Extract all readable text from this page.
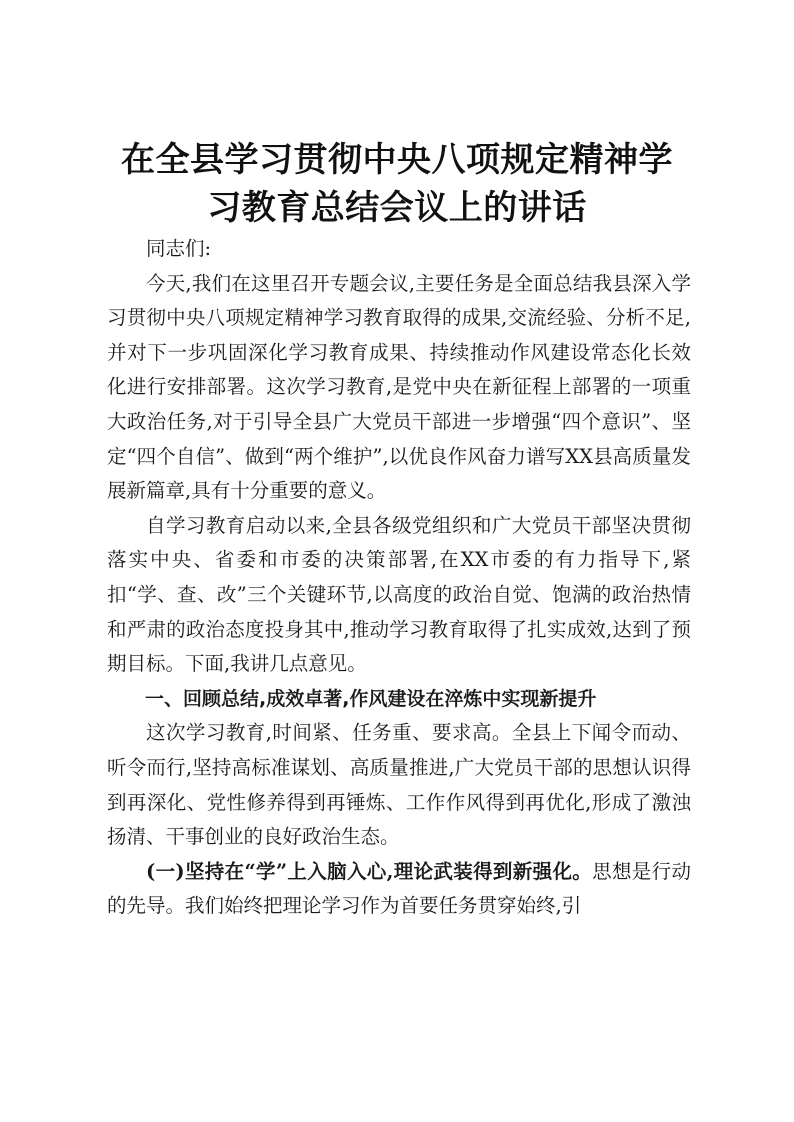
在全县学习贯彻中央八项规定精神学
习教育总结会议上的讲话

同志们:

今天,我们在这里召开专题会议,主要任务是全面总结我县深入学习贯彻中央八项规定精神学习教育取得的成果,交流经验、分析不足,并对下一步巩固深化学习教育成果、持续推动作风建设常态化长效化进行安排部署。这次学习教育,是党中央在新征程上部署的一项重大政治任务,对于引导全县广大党员干部进一步增强“四个意识”、坚定“四个自信”、做到“两个维护”,以优良作风奋力谱写XX县高质量发展新篇章,具有十分重要的意义。

自学习教育启动以来,全县各级党组织和广大党员干部坚决贯彻落实中央、省委和市委的决策部署,在XX市委的有力指导下,紧扣“学、查、改”三个关键环节,以高度的政治自觉、饱满的政治热情和严肃的政治态度投身其中,推动学习教育取得了扎实成效,达到了预期目标。下面,我讲几点意见。

一、回顾总结,成效卓著,作风建设在淬炼中实现新提升

这次学习教育,时间紧、任务重、要求高。全县上下闻令而动、听令而行,坚持高标准谋划、高质量推进,广大党员干部的思想认识得到再深化、党性修养得到再锤炼、工作作风得到再优化,形成了激浊扬清、干事创业的良好政治生态。

(一)坚持在“学”上入脑入心,理论武装得到新强化。思想是行动的先导。我们始终把理论学习作为首要任务贯穿始终,引
